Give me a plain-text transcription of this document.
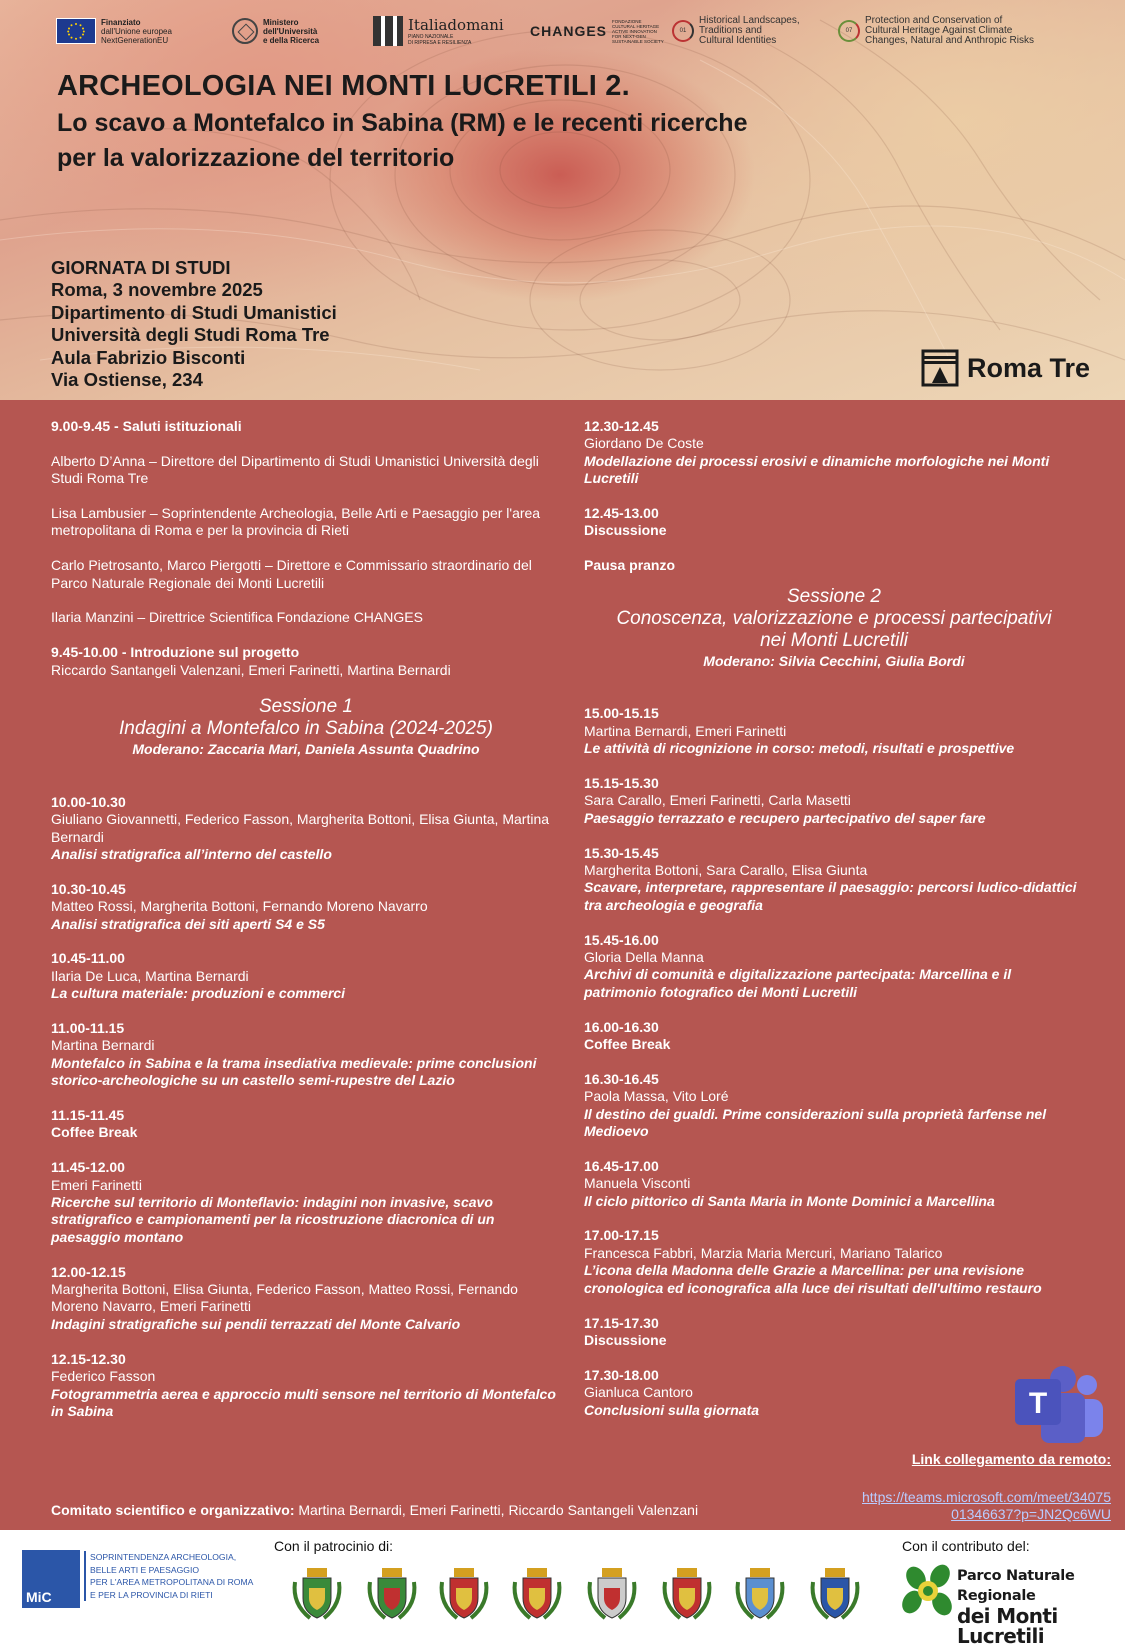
Finanziato
dall'Unione europea
NextGenerationEU
Ministero
dell'Università
e della Ricerca
Italiadomani
PIANO NAZIONALE
DI RIPRESA E RESILIENZA
CHANGES
FONDAZIONE
CULTURAL HERITAGE
ACTIVE INNOVATION
FOR NEXT-GEN
SUSTAINABLE SOCIETY
01
Historical Landscapes,
Traditions and
Cultural Identities
07
Protection and Conservation of
Cultural Heritage Against Climate
Changes, Natural and Anthropic Risks
ARCHEOLOGIA NEI MONTI LUCRETILI 2.
Lo scavo a Montefalco in Sabina (RM) e le recenti ricerche
per la valorizzazione del territorio
GIORNATA DI STUDI
Roma, 3 novembre 2025
Dipartimento di Studi Umanistici
Università degli Studi Roma Tre
Aula Fabrizio Bisconti
Via Ostiense, 234	Roma Tre
9.00-9.45 - Saluti istituzionali
Alberto D’Anna – Direttore del Dipartimento di Studi Umanistici Università degli Studi Roma Tre
Lisa Lambusier – Soprintendente Archeologia, Belle Arti e Paesaggio per l'area metropolitana di Roma e per la provincia di Rieti
Carlo Pietrosanto, Marco Piergotti – Direttore e Commissario straordinario del Parco Naturale Regionale dei Monti Lucretili
Ilaria Manzini – Direttrice Scientifica Fondazione CHANGES
9.45-10.00 - Introduzione sul progetto
Riccardo Santangeli Valenzani, Emeri Farinetti, Martina Bernardi
Sessione 1
Indagini a Montefalco in Sabina (2024-2025)
Moderano: Zaccaria Mari, Daniela Assunta Quadrino
10.00-10.30
Giuliano Giovannetti, Federico Fasson, Margherita Bottoni, Elisa Giunta, Martina Bernardi
Analisi stratigrafica all’interno del castello
10.30-10.45
Matteo Rossi, Margherita Bottoni, Fernando Moreno Navarro
Analisi stratigrafica dei siti aperti S4 e S5
10.45-11.00
Ilaria De Luca, Martina Bernardi
La cultura materiale: produzioni e commerci
11.00-11.15
Martina Bernardi
Montefalco in Sabina e la trama insediativa medievale: prime conclusioni storico-archeologiche su un castello semi-rupestre del Lazio
11.15-11.45
Coffee Break
11.45-12.00
Emeri Farinetti
Ricerche sul territorio di Monteflavio: indagini non invasive, scavo stratigrafico e campionamenti per la ricostruzione diacronica di un paesaggio montano
12.00-12.15
Margherita Bottoni, Elisa Giunta, Federico Fasson, Matteo Rossi, Fernando Moreno Navarro, Emeri Farinetti
Indagini stratigrafiche sui pendii terrazzati del Monte Calvario
12.15-12.30
Federico Fasson
Fotogrammetria aerea e approccio multi sensore nel territorio di Montefalco in Sabina
12.30-12.45
Giordano De Coste
Modellazione dei processi erosivi e dinamiche morfologiche nei Monti Lucretili
12.45-13.00
Discussione
Pausa pranzo
Sessione 2
Conoscenza, valorizzazione e processi partecipativi
nei Monti Lucretili
Moderano: Silvia Cecchini, Giulia Bordi
15.00-15.15
Martina Bernardi, Emeri Farinetti
Le attività di ricognizione in corso: metodi, risultati e prospettive
15.15-15.30
Sara Carallo, Emeri Farinetti, Carla Masetti
Paesaggio terrazzato e recupero partecipativo del saper fare
15.30-15.45
Margherita Bottoni, Sara Carallo, Elisa Giunta
Scavare, interpretare, rappresentare il paesaggio: percorsi ludico-didattici tra archeologia e geografia
15.45-16.00
Gloria Della Manna
Archivi di comunità e digitalizzazione partecipata: Marcellina e il patrimonio fotografico dei Monti Lucretili
16.00-16.30
Coffee Break
16.30-16.45
Paola Massa, Vito Loré
Il destino dei gualdi. Prime considerazioni sulla proprietà farfense nel Medioevo
16.45-17.00
Manuela Visconti
Il ciclo pittorico di Santa Maria in Monte Dominici a Marcellina
17.00-17.15
Francesca Fabbri, Marzia Maria Mercuri, Mariano Talarico
L’icona della Madonna delle Grazie a Marcellina: per una revisione cronologica ed iconografica alla luce dei risultati dell'ultimo restauro
17.15-17.30
Discussione
17.30-18.00
Gianluca Cantoro
Conclusioni sulla giornata	T
Link collegamento da remoto:
https://teams.microsoft.com/meet/3407501346637?p=JN2Qc6WU
Comitato scientifico e organizzativo: Martina Bernardi, Emeri Farinetti, Riccardo Santangeli Valenzani
MiC
SOPRINTENDENZA ARCHEOLOGIA,
BELLE ARTI E PAESAGGIO
PER L'AREA METROPOLITANA DI ROMA
E PER LA PROVINCIA DI RIETI
Con il patrocinio di:	Con il contributo del:
Parco Naturale Regionale
dei Monti Lucretili
